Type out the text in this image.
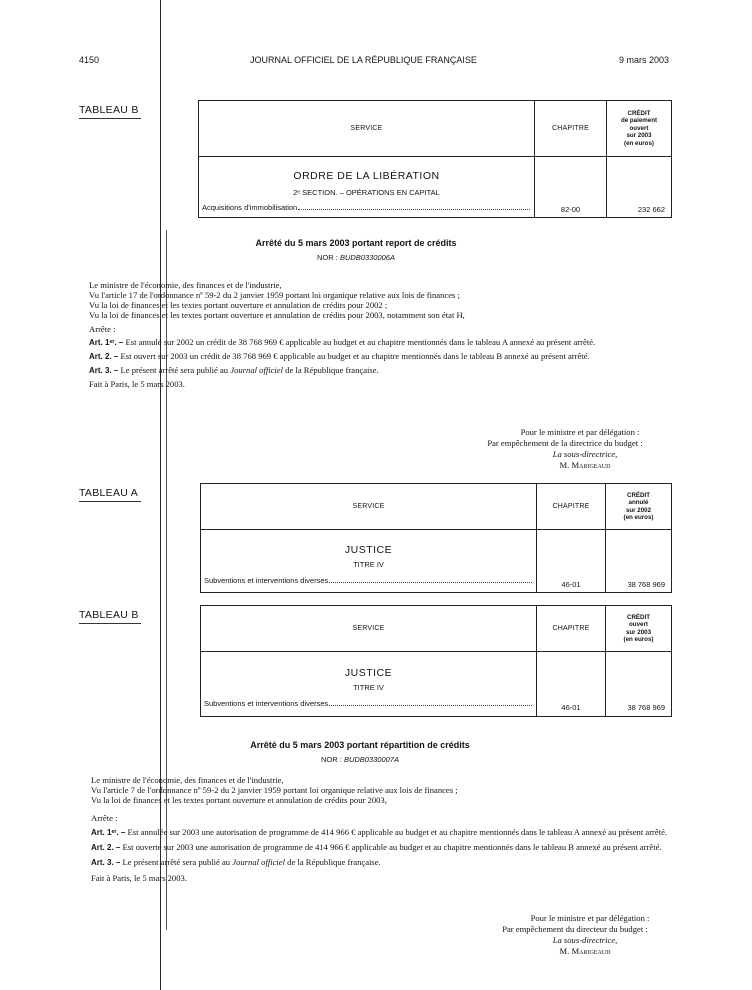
4150	JOURNAL OFFICIEL DE LA RÉPUBLIQUE FRANÇAISE	9 mars 2003
TABLEAU B
SERVICE	CHAPITRE	CRÉDIT
de paiement
ouvert
sur 2003
(en euros)

ORDRE DE LA LIBÉRATION
2ᵉ SECTION. – OPÉRATIONS EN CAPITAL
Acquisitions d'immobilisation	82-00	232 662
Arrêté du 5 mars 2003 portant report de crédits
NOR : BUDB0330006A
Le ministre de l'économie, des finances et de l'industrie,
Vu l'article 17 de l'ordonnance nº 59-2 du 2 janvier 1959 portant loi organique relative aux lois de finances ;
Vu la loi de finances et les textes portant ouverture et annulation de crédits pour 2002 ;
Vu la loi de finances et les textes portant ouverture et annulation de crédits pour 2003, notamment son état H,
Arrête :
Art. 1ᵉʳ. – Est annulé sur 2002 un crédit de 38 768 969 € applicable au budget et au chapitre mentionnés dans le tableau A annexé au présent arrêté.
Art. 2. – Est ouvert sur 2003 un crédit de 38 768 969 € applicable au budget et au chapitre mentionnés dans le tableau B annexé au présent arrêté.
Art. 3. – Le présent arrêté sera publié au Journal officiel de la République française.
Fait à Paris, le 5 mars 2003.
Pour le ministre et par délégation :
Par empêchement de la directrice du budget :
La sous-directrice,
M. Marigeaud
TABLEAU A
SERVICE	CHAPITRE	CRÉDIT
annulé
sur 2002
(en euros)

JUSTICE
TITRE IV
Subventions et interventions diverses	46-01	38 768 969
TABLEAU B
SERVICE	CHAPITRE	CRÉDIT
ouvert
sur 2003
(en euros)

JUSTICE
TITRE IV
Subventions et interventions diverses	46-01	38 768 969
Arrêté du 5 mars 2003 portant répartition de crédits
NOR : BUDB0330007A
Le ministre de l'économie, des finances et de l'industrie,
Vu l'article 7 de l'ordonnance nº 59-2 du 2 janvier 1959 portant loi organique relative aux lois de finances ;
Vu la loi de finances et les textes portant ouverture et annulation de crédits pour 2003,
Arrête :
Art. 1ᵉʳ. – Est annulée sur 2003 une autorisation de programme de 414 966 € applicable au budget et au chapitre mentionnés dans le tableau A annexé au présent arrêté.
Art. 2. – Est ouverte sur 2003 une autorisation de programme de 414 966 € applicable au budget et au chapitre mentionnés dans le tableau B annexé au présent arrêté.
Art. 3. – Le présent arrêté sera publié au Journal officiel de la République française.
Fait à Paris, le 5 mars 2003.
Pour le ministre et par délégation :
Par empêchement du directeur du budget :
La sous-directrice,
M. Marigeaud
